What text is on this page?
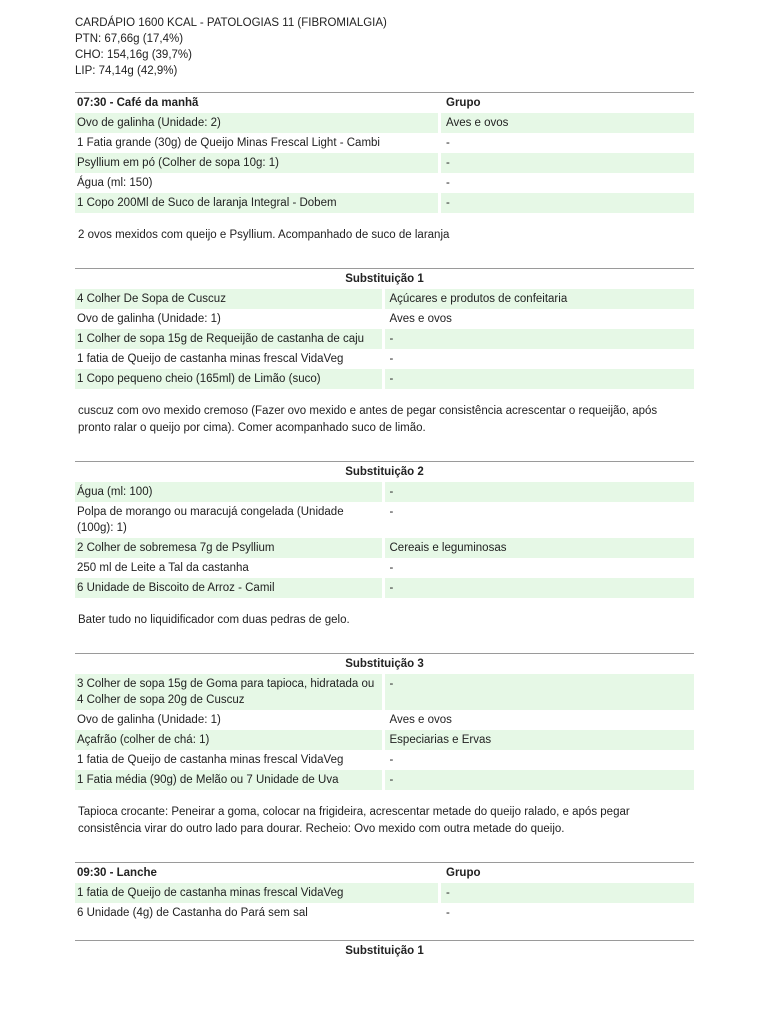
CARDÁPIO 1600 KCAL - PATOLOGIAS 11 (FIBROMIALGIA)
PTN: 67,66g (17,4%)
CHO: 154,16g (39,7%)
LIP: 74,14g (42,9%)
07:30 - Café da manhã	Grupo
Ovo de galinha (Unidade: 2)	Aves e ovos
1 Fatia grande (30g) de Queijo Minas Frescal Light - Cambi	-
Psyllium em pó (Colher de sopa 10g: 1)	-
Água (ml: 150)	-
1 Copo 200Ml de Suco de laranja Integral - Dobem	-
2 ovos mexidos com queijo e Psyllium. Acompanhado de suco de laranja
Substituição 1	
4 Colher De Sopa de Cuscuz	Açúcares e produtos de confeitaria
Ovo de galinha (Unidade: 1)	Aves e ovos
1 Colher de sopa 15g de Requeijão de castanha de caju	-
1 fatia de Queijo de castanha minas frescal VidaVeg	-
1 Copo pequeno cheio (165ml) de Limão (suco)	-
cuscuz com ovo mexido cremoso (Fazer ovo mexido e antes de pegar consistência acrescentar o requeijão, após pronto ralar o queijo por cima). Comer acompanhado suco de limão.
Substituição 2	
Água (ml: 100)	-
Polpa de morango ou maracujá congelada (Unidade (100g): 1)	-
2 Colher de sobremesa 7g de Psyllium	Cereais e leguminosas
250 ml de Leite a Tal da castanha	-
6 Unidade de Biscoito de Arroz - Camil	-
Bater tudo no liquidificador com duas pedras de gelo.
Substituição 3	
3 Colher de sopa 15g de Goma para tapioca, hidratada ou 4 Colher de sopa 20g de Cuscuz	-
Ovo de galinha (Unidade: 1)	Aves e ovos
Açafrão (colher de chá: 1)	Especiarias e Ervas
1 fatia de Queijo de castanha minas frescal VidaVeg	-
1 Fatia média (90g) de Melão ou 7 Unidade de Uva	-
Tapioca crocante: Peneirar a goma, colocar na frigideira, acrescentar metade do queijo ralado, e após pegar consistência virar do outro lado para dourar. Recheio: Ovo mexido com outra metade do queijo.
09:30 - Lanche	Grupo
1 fatia de Queijo de castanha minas frescal VidaVeg	-
6 Unidade (4g) de Castanha do Pará sem sal	-
Substituição 1
